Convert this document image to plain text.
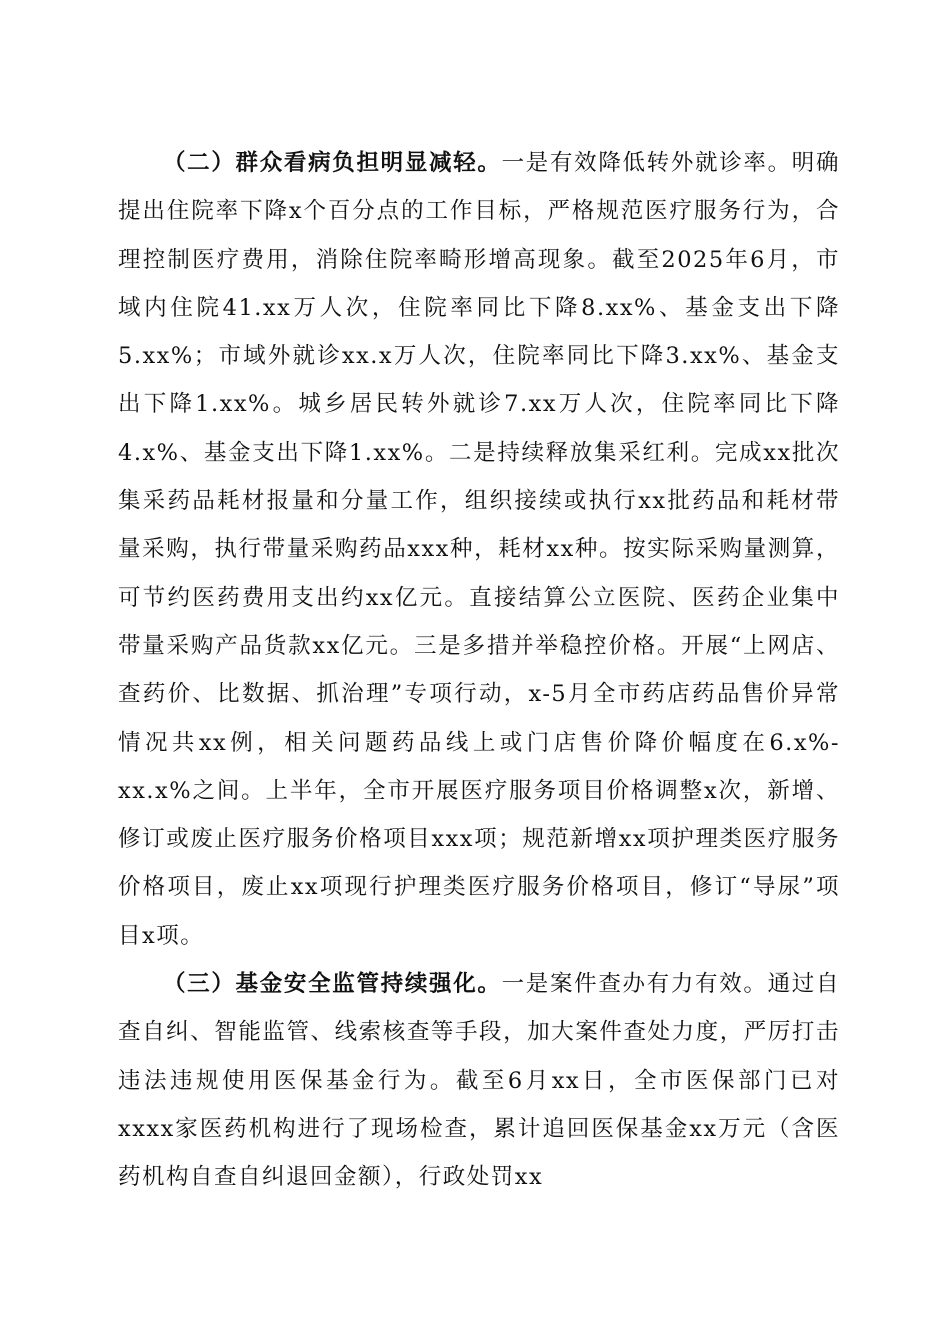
（二）群众看病负担明显减轻。一是有效降低转外就诊率。明确提出住院率下降x个百分点的工作目标，严格规范医疗服务行为，合理控制医疗费用，消除住院率畸形增高现象。截至2025年6月，市域内住院41.xx万人次，住院率同比下降8.xx%、基金支出下降5.xx%；市域外就诊xx.x万人次，住院率同比下降3.xx%、基金支出下降1.xx%。城乡居民转外就诊7.xx万人次，住院率同比下降4.x%、基金支出下降1.xx%。二是持续释放集采红利。完成xx批次集采药品耗材报量和分量工作，组织接续或执行xx批药品和耗材带量采购，执行带量采购药品xxx种，耗材xx种。按实际采购量测算，可节约医药费用支出约xx亿元。直接结算公立医院、医药企业集中带量采购产品货款xx亿元。三是多措并举稳控价格。开展“上网店、查药价、比数据、抓治理”专项行动，x-5月全市药店药品售价异常情况共xx例，相关问题药品线上或门店售价降价幅度在6.x%-xx.x%之间。上半年，全市开展医疗服务项目价格调整x次，新增、修订或废止医疗服务价格项目xxx项；规范新增xx项护理类医疗服务价格项目，废止xx项现行护理类医疗服务价格项目，修订“导尿”项目x项。

（三）基金安全监管持续强化。一是案件查办有力有效。通过自查自纠、智能监管、线索核查等手段，加大案件查处力度，严厉打击违法违规使用医保基金行为。截至6月xx日，全市医保部门已对xxxx家医药机构进行了现场检查，累计追回医保基金xx万元（含医药机构自查自纠退回金额），行政处罚xx
